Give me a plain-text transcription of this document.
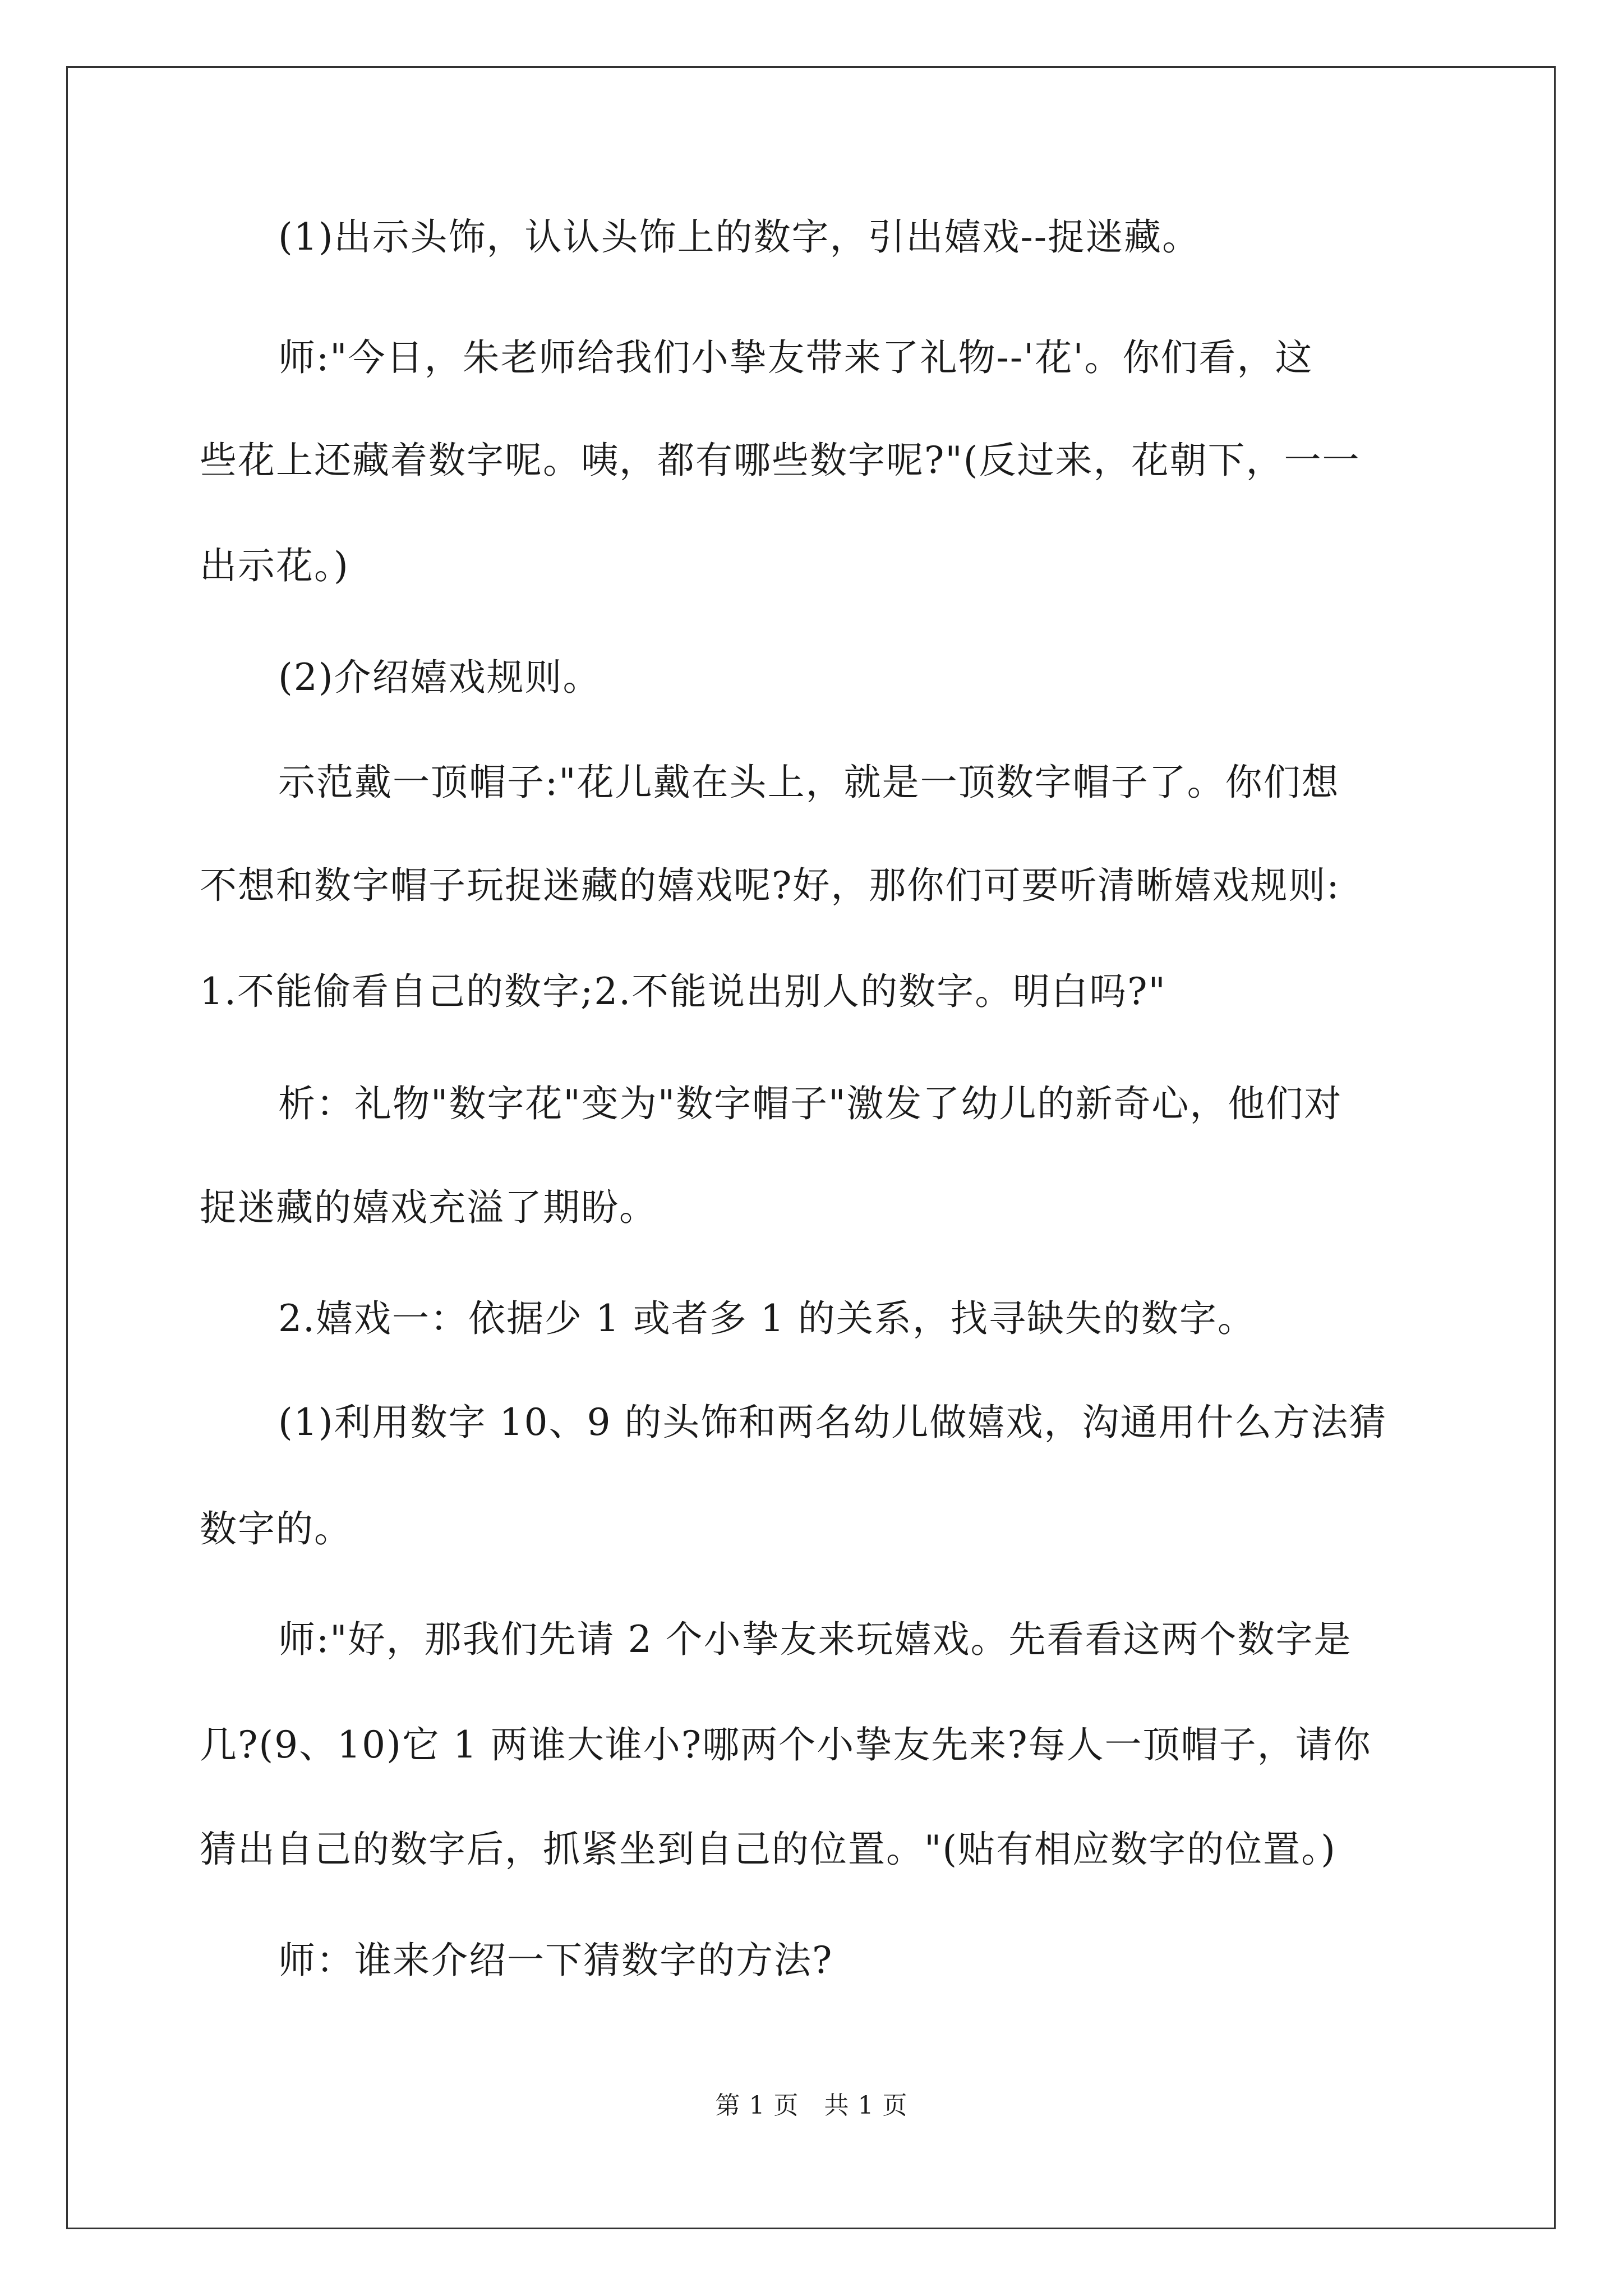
(1)出示头饰，认认头饰上的数字，引出嬉戏--捉迷藏。
师:"今日，朱老师给我们小挚友带来了礼物--'花'。你们看，这
些花上还藏着数字呢。咦，都有哪些数字呢?"(反过来，花朝下，一一
出示花。)
(2)介绍嬉戏规则。
示范戴一顶帽子:"花儿戴在头上，就是一顶数字帽子了。你们想
不想和数字帽子玩捉迷藏的嬉戏呢?好，那你们可要听清晰嬉戏规则:
1.不能偷看自己的数字;2.不能说出别人的数字。明白吗?"
析：礼物"数字花"变为"数字帽子"激发了幼儿的新奇心，他们对
捉迷藏的嬉戏充溢了期盼。
2.嬉戏一：依据少 1 或者多 1 的关系，找寻缺失的数字。
(1)利用数字 10、9 的头饰和两名幼儿做嬉戏，沟通用什么方法猜
数字的。
师:"好，那我们先请 2 个小挚友来玩嬉戏。先看看这两个数字是
几?(9、10)它 1 两谁大谁小?哪两个小挚友先来?每人一顶帽子，请你
猜出自己的数字后，抓紧坐到自己的位置。"(贴有相应数字的位置。)
师：谁来介绍一下猜数字的方法?
第 1 页　共 1 页
